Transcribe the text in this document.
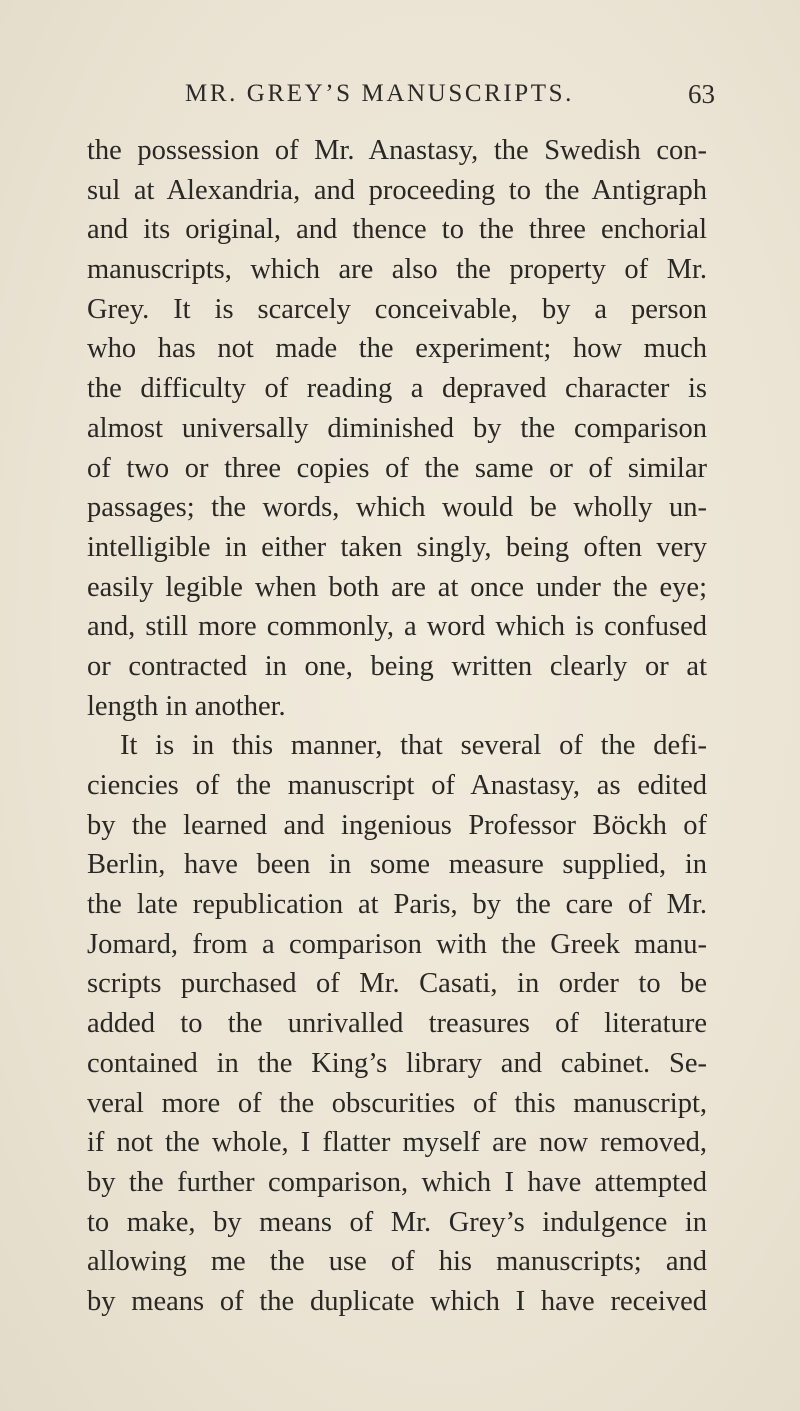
MR. GREY’S MANUSCRIPTS.	63
the possession of Mr. Anastasy, the Swedish con-
sul at Alexandria, and proceeding to the Antigraph
and its original, and thence to the three enchorial
manuscripts, which are also the property of Mr.
Grey. It is scarcely conceivable, by a person
who has not made the experiment; how much
the difficulty of reading a depraved character is
almost universally diminished by the comparison
of two or three copies of the same or of similar
passages; the words, which would be wholly un-
intelligible in either taken singly, being often very
easily legible when both are at once under the eye;
and, still more commonly, a word which is confused
or contracted in one, being written clearly or at
length in another.
It is in this manner, that several of the defi-
ciencies of the manuscript of Anastasy, as edited
by the learned and ingenious Professor Böckh of
Berlin, have been in some measure supplied, in
the late republication at Paris, by the care of Mr.
Jomard, from a comparison with the Greek manu-
scripts purchased of Mr. Casati, in order to be
added to the unrivalled treasures of literature
contained in the King’s library and cabinet. Se-
veral more of the obscurities of this manuscript,
if not the whole, I flatter myself are now removed,
by the further comparison, which I have attempted
to make, by means of Mr. Grey’s indulgence in
allowing me the use of his manuscripts; and
by means of the duplicate which I have received
